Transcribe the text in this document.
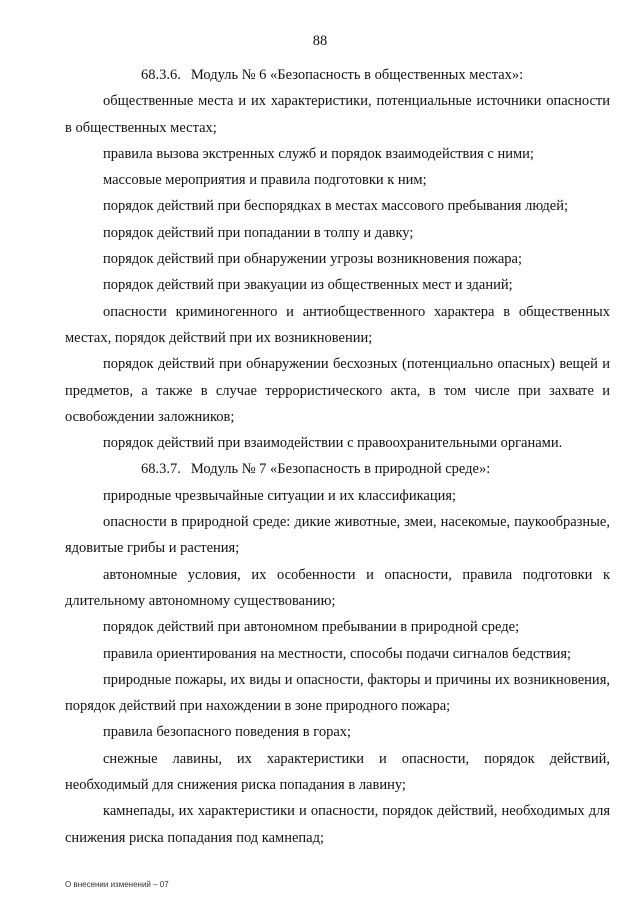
88

68.3.6. Модуль № 6 «Безопасность в общественных местах»:

общественные места и их характеристики, потенциальные источники опасности в общественных местах;

правила вызова экстренных служб и порядок взаимодействия с ними;

массовые мероприятия и правила подготовки к ним;

порядок действий при беспорядках в местах массового пребывания людей;

порядок действий при попадании в толпу и давку;

порядок действий при обнаружении угрозы возникновения пожара;

порядок действий при эвакуации из общественных мест и зданий;

опасности криминогенного и антиобщественного характера в общественных местах, порядок действий при их возникновении;

порядок действий при обнаружении бесхозных (потенциально опасных) вещей и предметов, а также в случае террористического акта, в том числе при захвате и освобождении заложников;

порядок действий при взаимодействии с правоохранительными органами.

68.3.7. Модуль № 7 «Безопасность в природной среде»:

природные чрезвычайные ситуации и их классификация;

опасности в природной среде: дикие животные, змеи, насекомые, паукообразные, ядовитые грибы и растения;

автономные условия, их особенности и опасности, правила подготовки к длительному автономному существованию;

порядок действий при автономном пребывании в природной среде;

правила ориентирования на местности, способы подачи сигналов бедствия;

природные пожары, их виды и опасности, факторы и причины их возникновения, порядок действий при нахождении в зоне природного пожара;

правила безопасного поведения в горах;

снежные лавины, их характеристики и опасности, порядок действий, необходимый для снижения риска попадания в лавину;

камнепады, их характеристики и опасности, порядок действий, необходимых для снижения риска попадания под камнепад;

О внесении изменений – 07
